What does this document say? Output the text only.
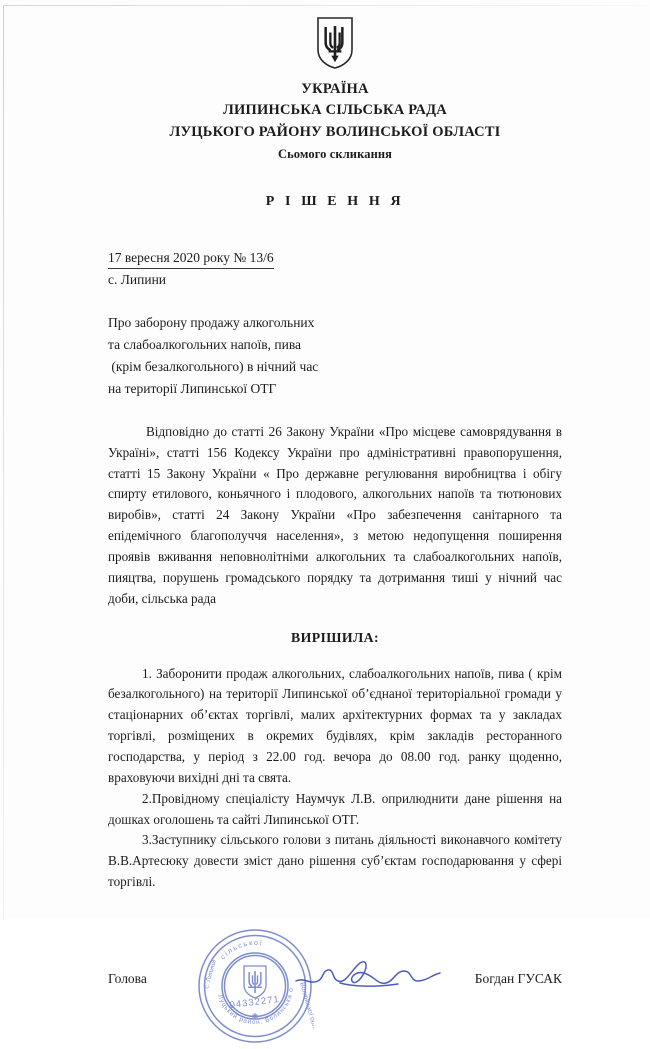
УКРАЇНА
ЛИПИНСЬКА СІЛЬСЬКА РАДА
ЛУЦЬКОГО РАЙОНУ ВОЛИНСЬКОЇ ОБЛАСТІ
Сьомого скликання
Р І Ш Е Н Н Я
17 вересня 2020 року № 13/6
с. Липини
Про заборону продажу алкогольних
та слабоалкогольних напоїв, пива
(крім безалкогольного) в нічний час
на території Липинської ОТГ
Відповідно до статті 26 Закону України «Про місцеве самоврядування в Україні», статті 156 Кодексу України про адміністративні правопорушення, статті 15 Закону України « Про державне регулювання виробництва і обігу спирту етилового, коньячного і плодового, алкогольних напоїв та тютюнових виробів», статті 24 Закону України «Про забезпечення санітарного та епідемічного благополуччя населення», з метою недопущення поширення проявів вживання неповнолітніми алкогольних та слабоалкогольних напоїв, пияцтва, порушень громадського порядку та дотримання тиші у нічний час доби, сільська рада
ВИРІШИЛА:
1. Заборонити продаж алкогольних, слабоалкогольних напоїв, пива ( крім безалкогольного) на території Липинської об’єднаної територіальної громади у стаціонарних об’єктах торгівлі, малих архітектурних формах та у закладах торгівлі, розміщених в окремих будівлях, крім закладів ресторанного господарства, у період з 22.00 год. вечора до 08.00 год. ранку щоденно, враховуючи вихідні дні та свята.
2.Провідному спеціалісту Наумчук Л.В. оприлюднити дане рішення на дошках оголошень та сайті Липинської ОТГ.
3.Заступнику сільського голови з питань діяльності виконавчого комітету В.В.Артесюку довести зміст дано рішення суб’єктам господарювання у сфері торгівлі.
Голова	Богдан ГУСАК
сільської
Луцький район, Волинська о
с. Липини
Волинської обл.
04332271
✱
